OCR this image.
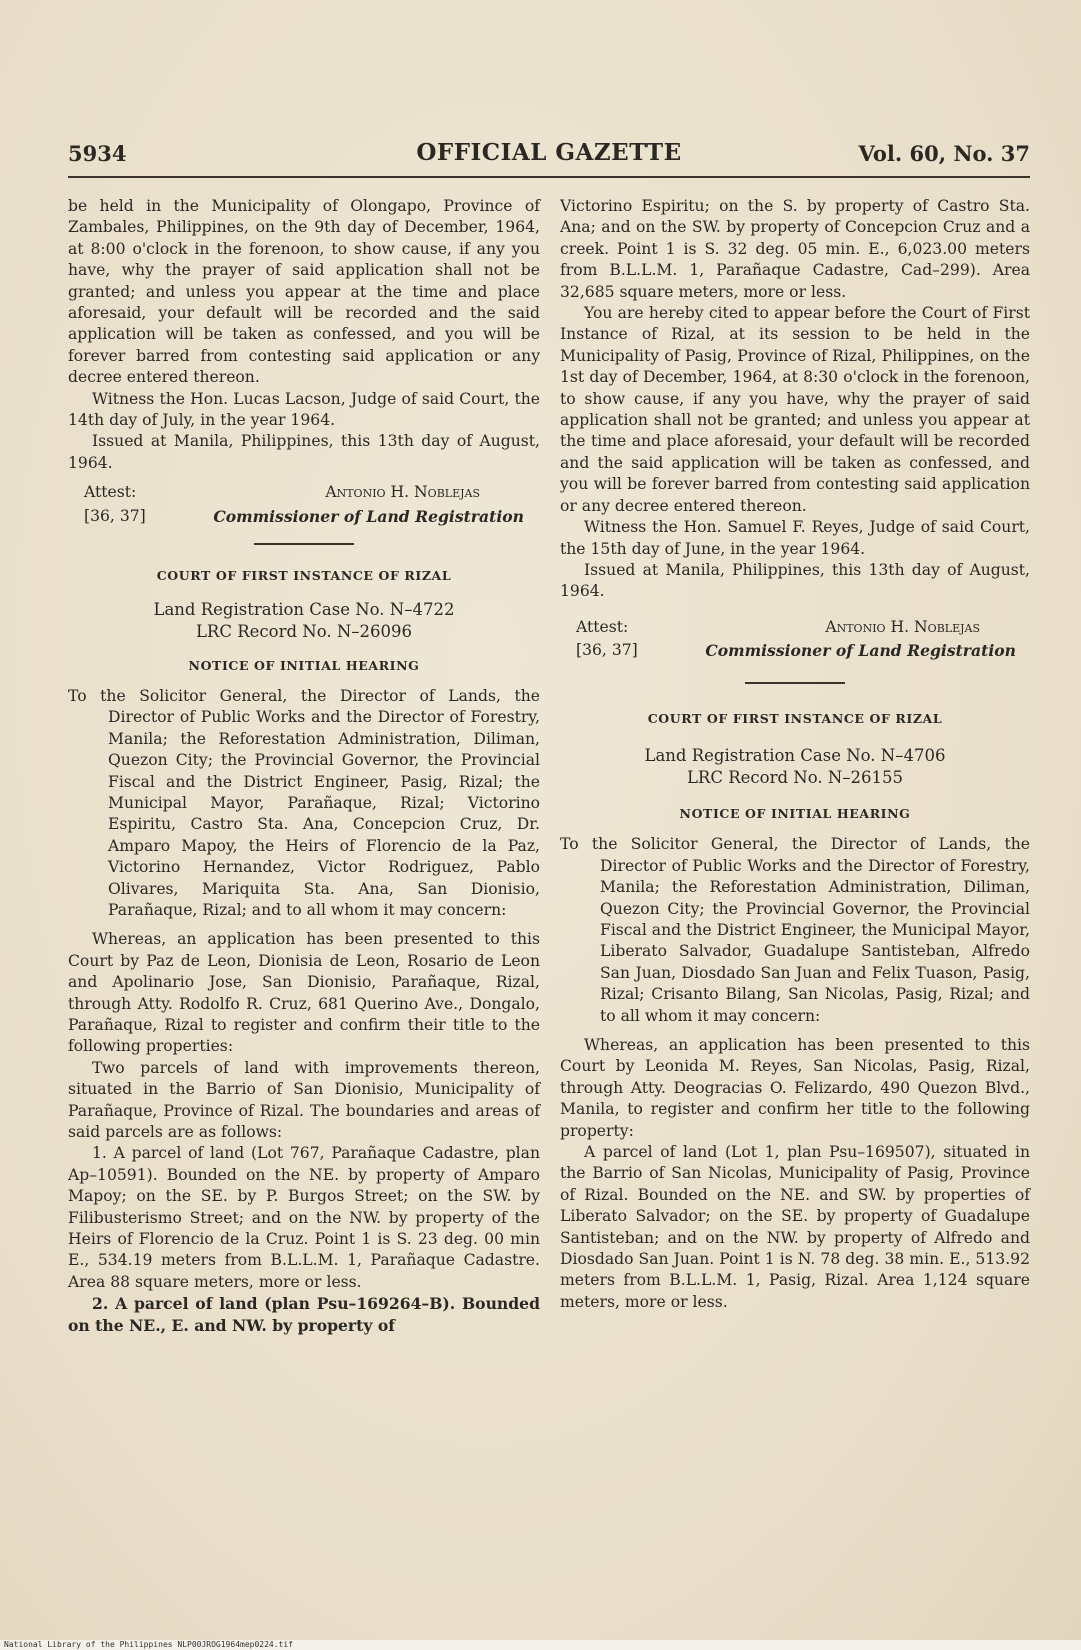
5934	OFFICIAL GAZETTE	Vol. 60, No. 37

be held in the Municipality of Olongapo, Province of Zambales, Philippines, on the 9th day of December, 1964, at 8:00 o'clock in the forenoon, to show cause, if any you have, why the prayer of said application shall not be granted; and unless you appear at the time and place aforesaid, your default will be recorded and the said application will be taken as confessed, and you will be forever barred from contesting said application or any decree entered thereon.

Witness the Hon. Lucas Lacson, Judge of said Court, the 14th day of July, in the year 1964.

Issued at Manila, Philippines, this 13th day of August, 1964.

Attest:	Antonio H. Noblejas
[36, 37]	Commissioner of Land Registration
COURT OF FIRST INSTANCE OF RIZAL
Land Registration Case No. N–4722
LRC Record No. N–26096
NOTICE OF INITIAL HEARING

To the Solicitor General, the Director of Lands, the Director of Public Works and the Director of Forestry, Manila; the Reforestation Administration, Diliman, Quezon City; the Provincial Governor, the Provincial Fiscal and the District Engineer, Pasig, Rizal; the Municipal Mayor, Parañaque, Rizal; Victorino Espiritu, Castro Sta. Ana, Concepcion Cruz, Dr. Amparo Mapoy, the Heirs of Florencio de la Paz, Victorino Hernandez, Victor Rodriguez, Pablo Olivares, Mariquita Sta. Ana, San Dionisio, Parañaque, Rizal; and to all whom it may concern:

Whereas, an application has been presented to this Court by Paz de Leon, Dionisia de Leon, Rosario de Leon and Apolinario Jose, San Dionisio, Parañaque, Rizal, through Atty. Rodolfo R. Cruz, 681 Querino Ave., Dongalo, Parañaque, Rizal to register and confirm their title to the following properties:

Two parcels of land with improvements thereon, situated in the Barrio of San Dionisio, Municipality of Parañaque, Province of Rizal. The boundaries and areas of said parcels are as follows:

1. A parcel of land (Lot 767, Parañaque Cadastre, plan Ap–10591). Bounded on the NE. by property of Amparo Mapoy; on the SE. by P. Burgos Street; on the SW. by Filibusterismo Street; and on the NW. by property of the Heirs of Florencio de la Cruz. Point 1 is S. 23 deg. 00 min E., 534.19 meters from B.L.L.M. 1, Parañaque Cadastre. Area 88 square meters, more or less.

2. A parcel of land (plan Psu–169264–B). Bounded on the NE., E. and NW. by property of

Victorino Espiritu; on the S. by property of Castro Sta. Ana; and on the SW. by property of Concepcion Cruz and a creek. Point 1 is S. 32 deg. 05 min. E., 6,023.00 meters from B.L.L.M. 1, Parañaque Cadastre, Cad–299). Area 32,685 square meters, more or less.

You are hereby cited to appear before the Court of First Instance of Rizal, at its session to be held in the Municipality of Pasig, Province of Rizal, Philippines, on the 1st day of December, 1964, at 8:30 o'clock in the forenoon, to show cause, if any you have, why the prayer of said application shall not be granted; and unless you appear at the time and place aforesaid, your default will be recorded and the said application will be taken as confessed, and you will be forever barred from contesting said application or any decree entered thereon.

Witness the Hon. Samuel F. Reyes, Judge of said Court, the 15th day of June, in the year 1964.

Issued at Manila, Philippines, this 13th day of August, 1964.

Attest:	Antonio H. Noblejas
[36, 37]	Commissioner of Land Registration
COURT OF FIRST INSTANCE OF RIZAL
Land Registration Case No. N–4706
LRC Record No. N–26155
NOTICE OF INITIAL HEARING

To the Solicitor General, the Director of Lands, the Director of Public Works and the Director of Forestry, Manila; the Reforestation Administration, Diliman, Quezon City; the Provincial Governor, the Provincial Fiscal and the District Engineer, the Municipal Mayor, Liberato Salvador, Guadalupe Santisteban, Alfredo San Juan, Diosdado San Juan and Felix Tuason, Pasig, Rizal; Crisanto Bilang, San Nicolas, Pasig, Rizal; and to all whom it may concern:

Whereas, an application has been presented to this Court by Leonida M. Reyes, San Nicolas, Pasig, Rizal, through Atty. Deogracias O. Felizardo, 490 Quezon Blvd., Manila, to register and confirm her title to the following property:

A parcel of land (Lot 1, plan Psu–169507), situated in the Barrio of San Nicolas, Municipality of Pasig, Province of Rizal. Bounded on the NE. and SW. by properties of Liberato Salvador; on the SE. by property of Guadalupe Santisteban; and on the NW. by property of Alfredo and Diosdado San Juan. Point 1 is N. 78 deg. 38 min. E., 513.92 meters from B.L.L.M. 1, Pasig, Rizal. Area 1,124 square meters, more or less.

National Library of the Philippines NLP00JROG1964mep0224.tif
